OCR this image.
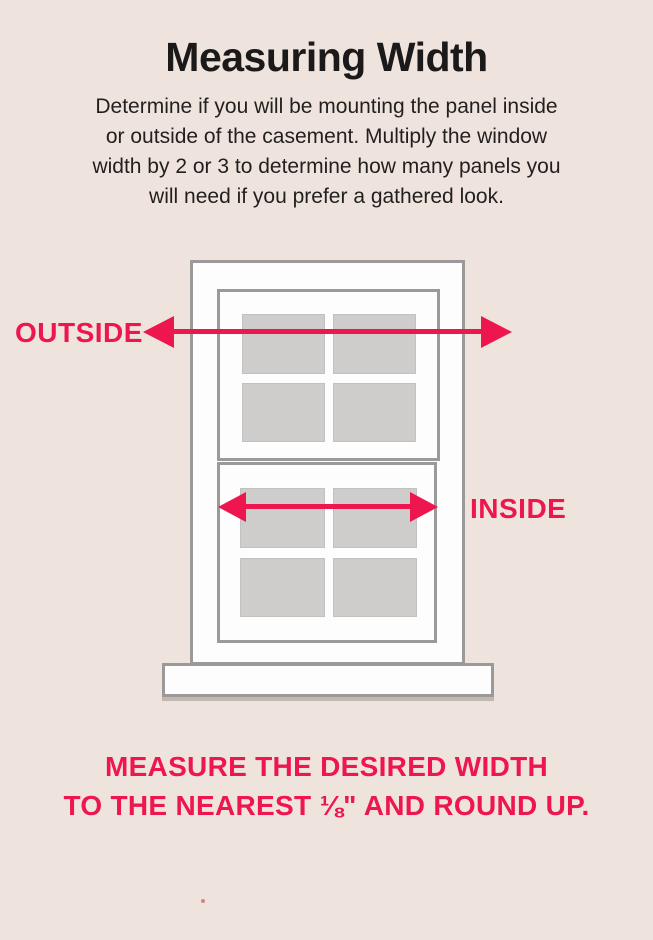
Measuring Width
Determine if you will be mounting the panel inside
or outside of the casement. Multiply the window
width by 2 or 3 to determine how many panels you
will need if you prefer a gathered look.
OUTSIDE
INSIDE
MEASURE THE DESIRED WIDTH
TO THE NEAREST ⅛" AND ROUND UP.
